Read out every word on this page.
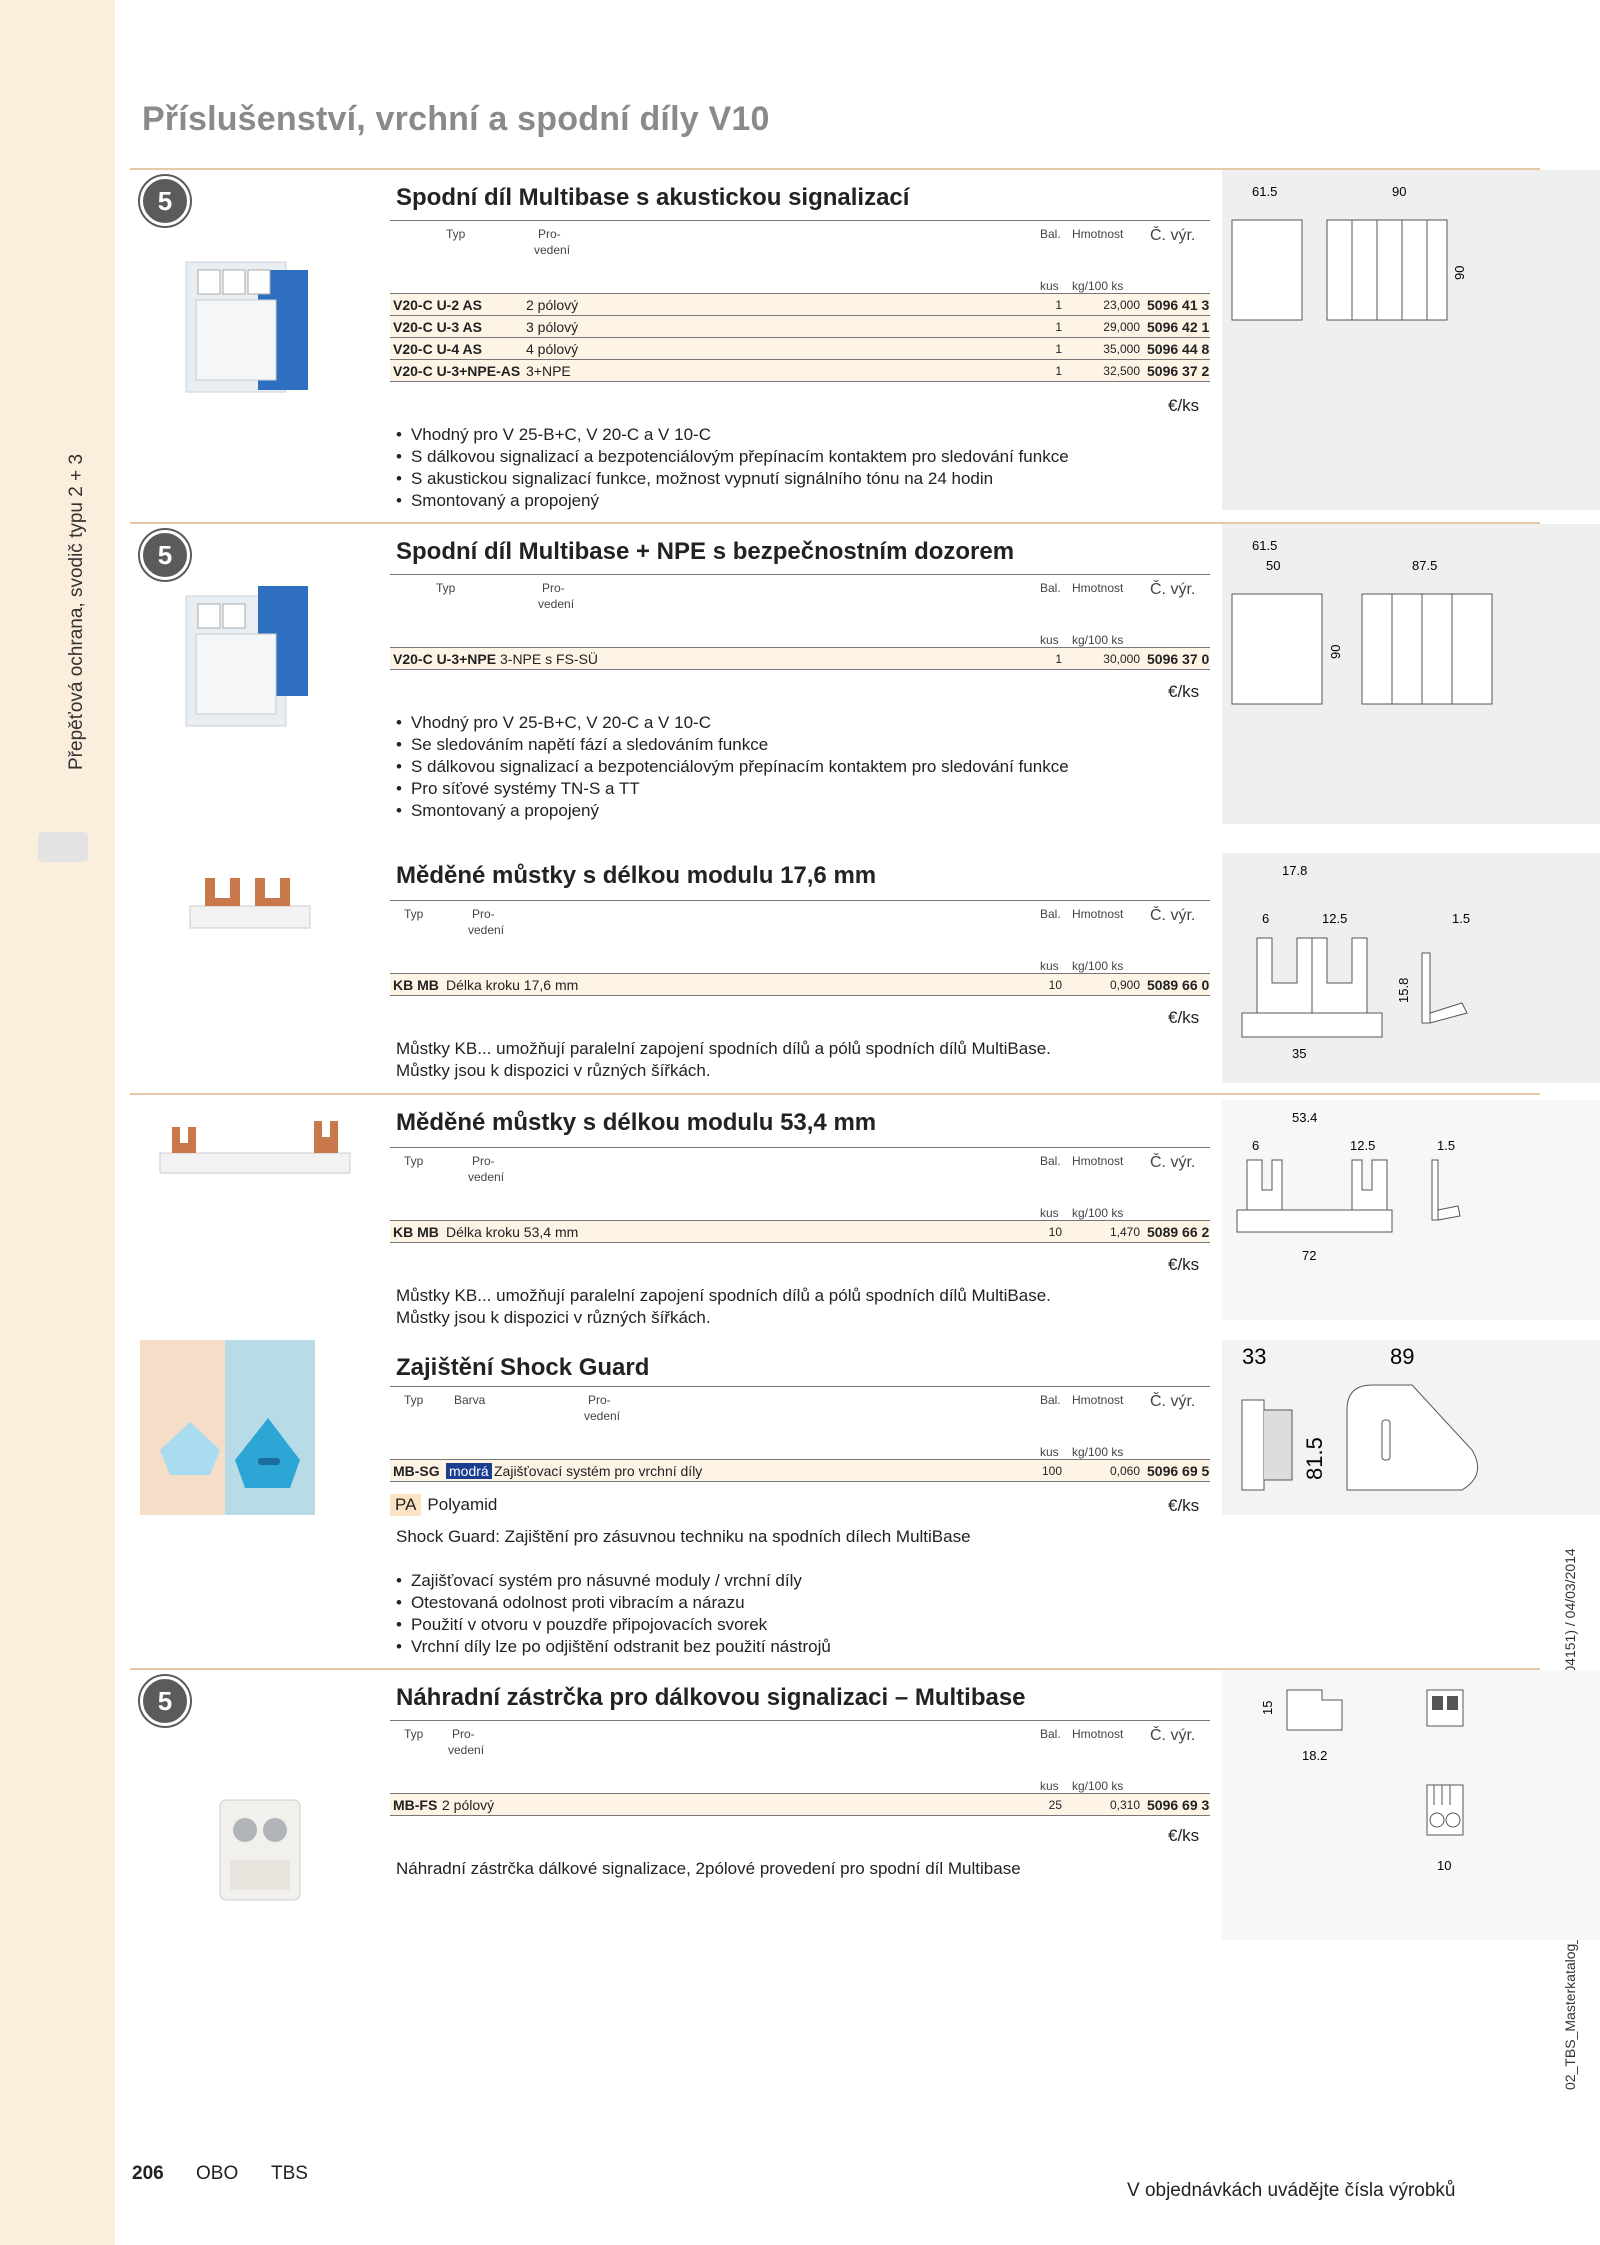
Přepěťová ochrana, svodič typu 2 + 3
Příslušenství, vrchní a spodní díly V10
5	Spodní díl Multibase s akustickou signalizací
Typ	Pro-
vedení
Bal. Hmotnost Č. výr.
kus kg/100 ks
V20-C U-2 AS	2 pólový	1	23,000 5096 41 3
V20-C U-3 AS	3 pólový	1	29,000 5096 42 1
V20-C U-4 AS	4 pólový	1	35,000 5096 44 8
V20-C U-3+NPE-AS 3+NPE	1	32,500 5096 37 2
€/ks
• Vhodný pro V 25-B+C, V 20-C a V 10-C
• S dálkovou signalizací a bezpotenciálovým přepínacím kontaktem pro sledování funkce
• S akustickou signalizací funkce, možnost vypnutí signálního tónu na 24 hodin
• Smontovaný a propojený
61.5	90
90
5	Spodní díl Multibase + NPE s bezpečnostním dozorem
Typ	Pro-
vedení
Bal. Hmotnost Č. výr.
kus kg/100 ks
V20-C U-3+NPE 3-NPE s FS-SÜ	1	30,000 5096 37 0
€/ks
• Vhodný pro V 25-B+C, V 20-C a V 10-C
• Se sledováním napětí fází a sledováním funkce
• S dálkovou signalizací a bezpotenciálovým přepínacím kontaktem pro sledování funkce
• Pro síťové systémy TN-S a TT
• Smontovaný a propojený
61.5
50	87.5
90
Měděné můstky s délkou modulu 17,6 mm
Typ	Pro-
vedení
Bal. Hmotnost Č. výr.
kus kg/100 ks
KB MB Délka kroku 17,6 mm	10	0,900 5089 66 0
€/ks
Můstky KB... umožňují paralelní zapojení spodních dílů a pólů spodních dílů MultiBase.
Můstky jsou k dispozici v různých šířkách.
17.8
6	12.5	1.5
35
15.8
Měděné můstky s délkou modulu 53,4 mm
Typ	Pro-
vedení
Bal. Hmotnost Č. výr.
kus kg/100 ks
KB MB Délka kroku 53,4 mm	10	1,470 5089 66 2
€/ks
Můstky KB... umožňují paralelní zapojení spodních dílů a pólů spodních dílů MultiBase.
Můstky jsou k dispozici v různých šířkách.
53.4
6	12.5	1.5
72
Zajištění Shock Guard
Typ	Barva	Pro-
vedení
Bal. Hmotnost Č. výr.
kus kg/100 ks
MB-SG modrá Zajišťovací systém pro vrchní díly	100	0,060 5096 69 5
PA Polyamid	€/ks
Shock Guard: Zajištění pro zásuvnou techniku na spodních dílech MultiBase
• Zajišťovací systém pro násuvné moduly / vrchní díly
• Otestovaná odolnost proti vibracím a nárazu
• Použití v otvoru v pouzdře připojovacích svorek
• Vrchní díly lze po odjištění odstranit bez použití nástrojů
33	89
81.5
5	Náhradní zástrčka pro dálkovou signalizaci – Multibase
Typ Pro-
vedení
Bal. Hmotnost Č. výr.
kus kg/100 ks
MB-FS 2 pólový	25	0,310 5096 69 3
€/ks
Náhradní zástrčka dálkové signalizace, 2pólové provedení pro spodní díl Multibase
15
18.2
10
206 OBO TBS
V objednávkách uvádějte čísla výrobků
